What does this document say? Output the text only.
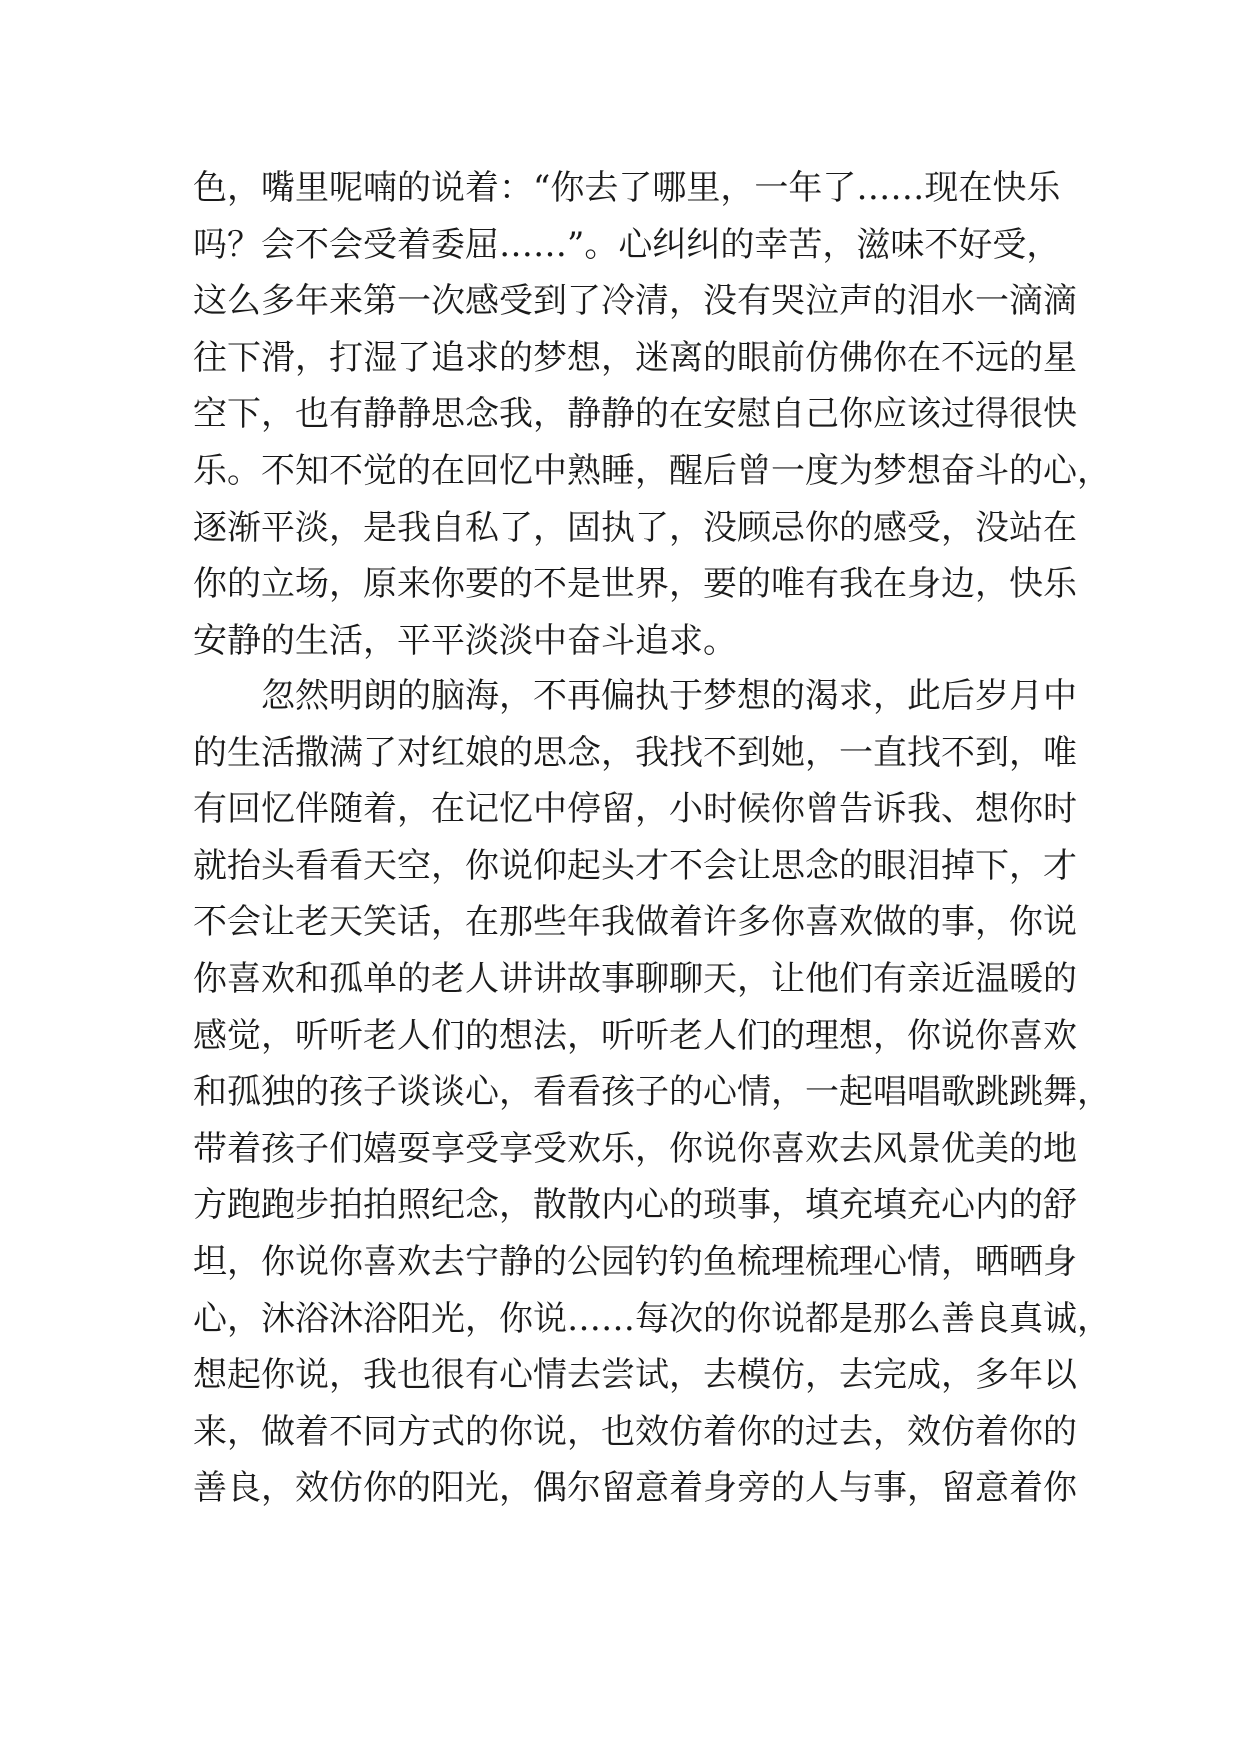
色，嘴里呢喃的说着：“你去了哪里，一年了……现在快乐
吗？会不会受着委屈……”。心纠纠的幸苦，滋味不好受，
这么多年来第一次感受到了冷清，没有哭泣声的泪水一滴滴
往下滑，打湿了追求的梦想，迷离的眼前仿佛你在不远的星
空下，也有静静思念我，静静的在安慰自己你应该过得很快
乐。不知不觉的在回忆中熟睡，醒后曾一度为梦想奋斗的心，
逐渐平淡，是我自私了，固执了，没顾忌你的感受，没站在
你的立场，原来你要的不是世界，要的唯有我在身边，快乐
安静的生活，平平淡淡中奋斗追求。
忽然明朗的脑海，不再偏执于梦想的渴求，此后岁月中
的生活撒满了对红娘的思念，我找不到她，一直找不到，唯
有回忆伴随着，在记忆中停留，小时候你曾告诉我、想你时
就抬头看看天空，你说仰起头才不会让思念的眼泪掉下，才
不会让老天笑话，在那些年我做着许多你喜欢做的事，你说
你喜欢和孤单的老人讲讲故事聊聊天，让他们有亲近温暖的
感觉，听听老人们的想法，听听老人们的理想，你说你喜欢
和孤独的孩子谈谈心，看看孩子的心情，一起唱唱歌跳跳舞，
带着孩子们嬉耍享受享受欢乐，你说你喜欢去风景优美的地
方跑跑步拍拍照纪念，散散内心的琐事，填充填充心内的舒
坦，你说你喜欢去宁静的公园钓钓鱼梳理梳理心情，晒晒身
心，沐浴沐浴阳光，你说……每次的你说都是那么善良真诚，
想起你说，我也很有心情去尝试，去模仿，去完成，多年以
来，做着不同方式的你说，也效仿着你的过去，效仿着你的
善良，效仿你的阳光，偶尔留意着身旁的人与事，留意着你
